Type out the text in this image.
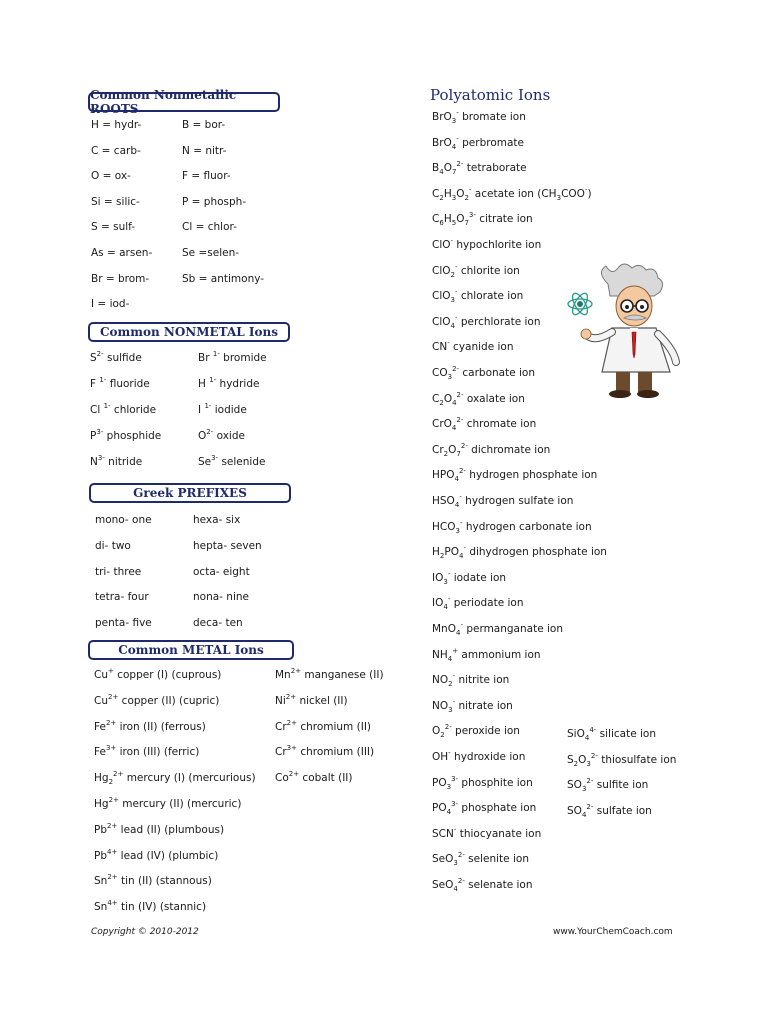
Common Nonmetallic ROOTS
Common NONMETAL Ions
Greek PREFIXES
Common METAL Ions
Polyatomic Ions
H = hydr-
C = carb-
O = ox-
Si = silic-
S = sulf-
As = arsen-
Br = brom-
I = iod-
B = bor-
N = nitr-
F = fluor-
P = phosph-
Cl = chlor-
Se =selen-
Sb = antimony-
$S^{2-}$ sulfide
F $^{1-}$ fluoride
Cl $^{1-}$ chloride
$P^{3-}$ phosphide
$N^{3-}$ nitride
Br $^{1-}$ bromide
H $^{1-}$ hydride
I $^{1-}$ iodide
$O^{2-}$ oxide
$Se^{3-}$ selenide
mono- one
di- two
tri- three
tetra- four
penta- five
hexa- six
hepta- seven
octa- eight
nona- nine
deca- ten
Cu+ copper (I) (cuprous)
$Cu^{2+}$ copper (II) (cupric)
$Fe^{2+}$ iron (II) (ferrous)
$Fe^{3+}$ iron (III) (ferric)
$Hg_2^{2+}$ mercury (I) (mercurious)
$Hg^{2+}$ mercury (II) (mercuric)
$Pb^{2+}$ lead (II) (plumbous)
$Pb^{4+}$ lead (IV) (plumbic)
$Sn^{2+}$ tin (II) (stannous)
$Sn^{4+}$ tin (IV) (stannic)
$Mn^{2+}$ manganese (II)
$Ni^{2+}$ nickel (II)
$Cr^{2+}$ chromium (II)
$Cr^{3+}$ chromium (III)
$Co^{2+}$ cobalt (II)
BrO$_3$- bromate ion
BrO$_4$- perbromate
$B_4O_7^{2-}$ tetraborate
$C_2H_3O_2^-$ acetate ion $(CH_3COO^-)$
$C_6H_5O_7^{3-}$ citrate ion
ClO- hypochlorite ion
ClO$_2$- chlorite ion
ClO$_3$- chlorate ion
ClO$_4$- perchlorate ion
CN- cyanide ion
$CO_3^{2-}$ carbonate ion
$C_2O_4^{2-}$ oxalate ion
CrO$_4^{2-}$ chromate ion
$Cr_2O_7^{2-}$ dichromate ion
$HPO_4^{2-}$ hydrogen phosphate ion
$HSO_4^-$ hydrogen sulfate ion
$HCO_3^-$ hydrogen carbonate ion
$H_2PO_4^-$ dihydrogen phosphate ion
$IO_3^-$ iodate ion
$IO_4^-$ periodate ion
MnO$_4$- permanganate ion
$NH_4^+$ ammonium ion
$NO_2^-$ nitrite ion
$NO_3^-$ nitrate ion
$O_2^{2-}$ peroxide ion
OH- hydroxide ion
$PO_3^{3-}$ phosphite ion
$PO_4^{3-}$ phosphate ion
SCN- thiocyanate ion
SeO$_3^{2-}$ selenite ion
SeO$_4^{2-}$ selenate ion
SiO$_4^{4-}$ silicate ion
$S_2O_3^{2-}$ thiosulfate ion
$SO_3^{2-}$ sulfite ion
$SO_4^{2-}$ sulfate ion
Copyright © 2010-2012	www.YourChemCoach.com
